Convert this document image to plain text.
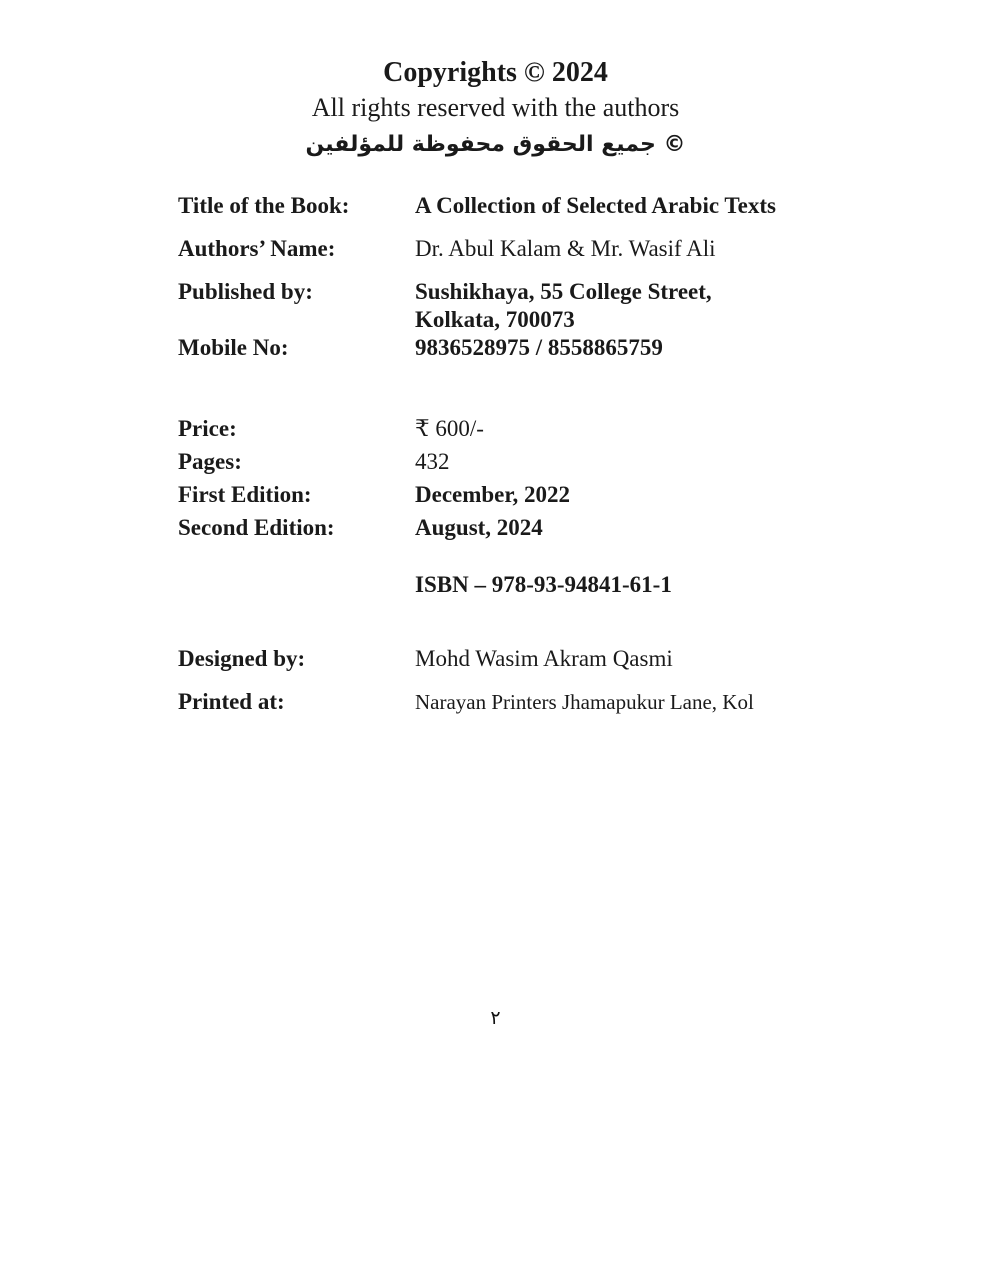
Copyrights © 2024
All rights reserved with the authors
© جميع الحقوق محفوظة للمؤلفين
Title of the Book:	A Collection of Selected Arabic Texts
Authors’ Name:	Dr. Abul Kalam & Mr. Wasif Ali
Published by:	Sushikhaya, 55 College Street,
Kolkata, 700073
Mobile No:	9836528975 / 8558865759
Price:	₹ 600/-
Pages:	432
First Edition:	December, 2022
Second Edition:	August, 2024
ISBN – 978-93-94841-61-1
Designed by:	Mohd Wasim Akram Qasmi
Printed at:	Narayan Printers Jhamapukur Lane, Kol
٢
